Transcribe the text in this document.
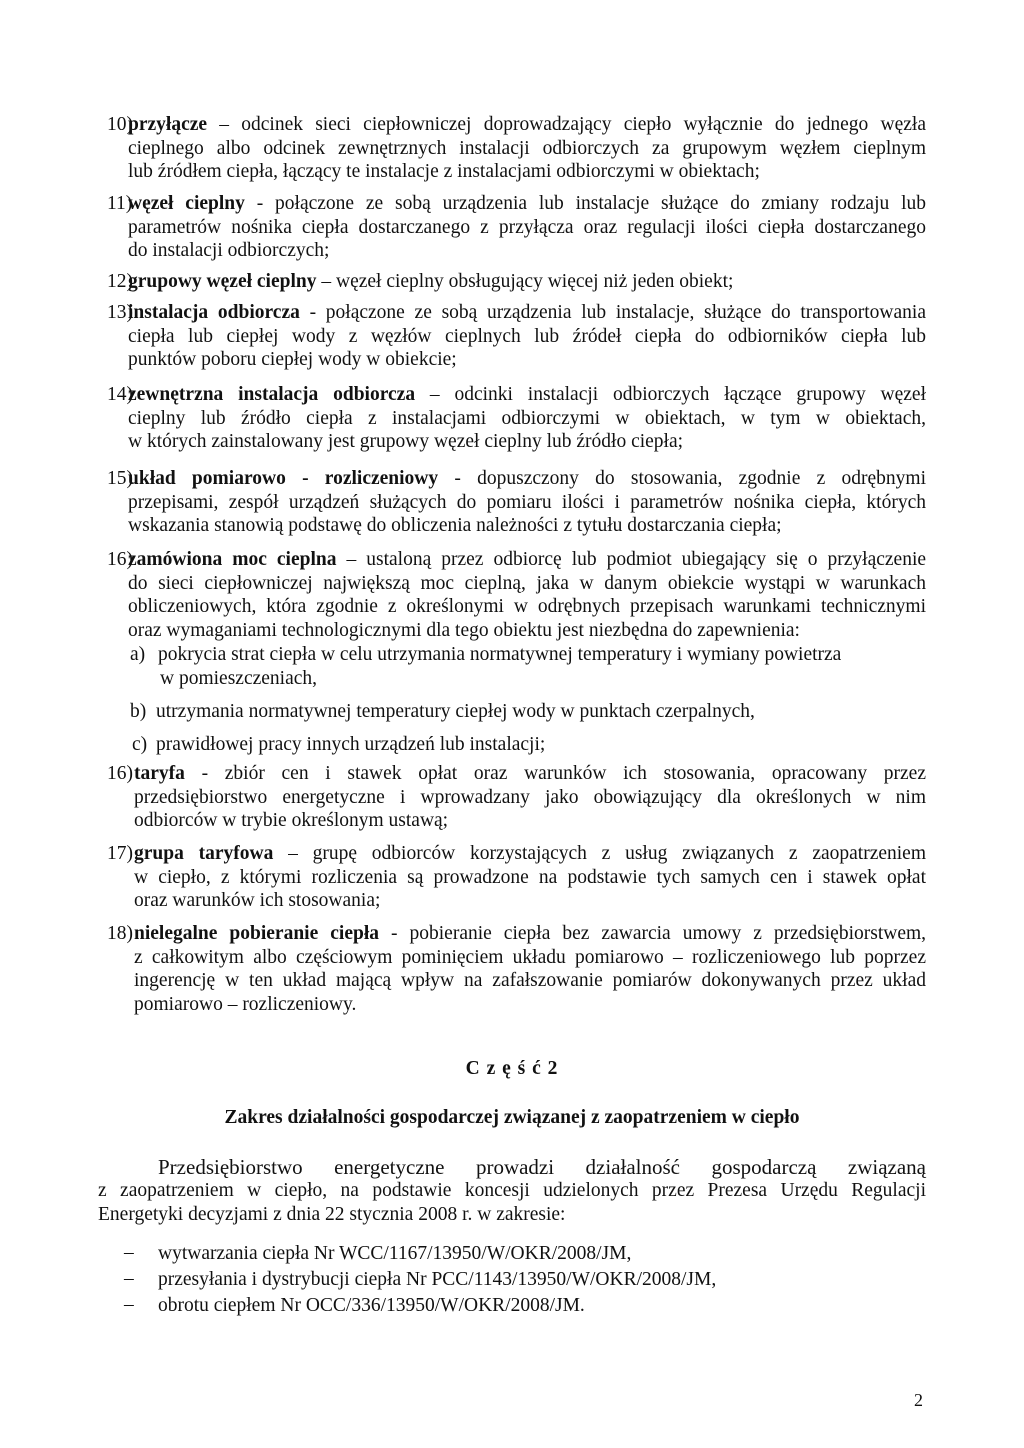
10)
przyłącze – odcinek sieci ciepłowniczej doprowadzający ciepło wyłącznie do jednego węzła
cieplnego albo odcinek zewnętrznych instalacji odbiorczych za grupowym węzłem cieplnym
lub źródłem ciepła, łączący te instalacje z instalacjami odbiorczymi w obiektach;
11)
węzeł cieplny - połączone ze sobą urządzenia lub instalacje służące do zmiany rodzaju lub
parametrów nośnika ciepła dostarczanego z przyłącza oraz regulacji ilości ciepła dostarczanego
do instalacji odbiorczych;
12)
grupowy węzeł cieplny – węzeł cieplny obsługujący więcej niż jeden obiekt;
13)
instalacja odbiorcza - połączone ze sobą urządzenia lub instalacje, służące do transportowania
ciepła lub ciepłej wody z węzłów cieplnych lub źródeł ciepła do odbiorników ciepła lub
punktów poboru ciepłej wody w obiekcie;
14)
zewnętrzna instalacja odbiorcza – odcinki instalacji odbiorczych łączące grupowy węzeł
cieplny lub źródło ciepła z instalacjami odbiorczymi w obiektach, w tym w obiektach,
w których zainstalowany jest grupowy węzeł cieplny lub źródło ciepła;
15)
układ pomiarowo - rozliczeniowy - dopuszczony do stosowania, zgodnie z odrębnymi
przepisami, zespół urządzeń służących do pomiaru ilości i parametrów nośnika ciepła, których
wskazania stanowią podstawę do obliczenia należności z tytułu dostarczania ciepła;
16)
zamówiona moc cieplna – ustaloną przez odbiorcę lub podmiot ubiegający się o przyłączenie
do sieci ciepłowniczej największą moc cieplną, jaka w danym obiekcie wystąpi w warunkach
obliczeniowych, która zgodnie z określonymi w odrębnych przepisach warunkami technicznymi
oraz wymaganiami technologicznymi dla tego obiektu jest niezbędna do zapewnienia:
a) pokrycia strat ciepła w celu utrzymania normatywnej temperatury i wymiany powietrza
w pomieszczeniach,
b) utrzymania normatywnej temperatury ciepłej wody w punktach czerpalnych,
c) prawidłowej pracy innych urządzeń lub instalacji;
16) taryfa - zbiór cen i stawek opłat oraz warunków ich stosowania, opracowany przez
przedsiębiorstwo energetyczne i wprowadzany jako obowiązujący dla określonych w nim
odbiorców w trybie określonym ustawą;
17) grupa taryfowa – grupę odbiorców korzystających z usług związanych z zaopatrzeniem
w ciepło, z którymi rozliczenia są prowadzone na podstawie tych samych cen i stawek opłat
oraz warunków ich stosowania;
18) nielegalne pobieranie ciepła - pobieranie ciepła bez zawarcia umowy z przedsiębiorstwem,
z całkowitym albo częściowym pominięciem układu pomiarowo – rozliczeniowego lub poprzez
ingerencję w ten układ mającą wpływ na zafałszowanie pomiarów dokonywanych przez układ
pomiarowo – rozliczeniowy.
C z ę ś ć 2
Zakres działalności gospodarczej związanej z zaopatrzeniem w ciepło
Przedsiębiorstwo energetyczne prowadzi działalność gospodarczą związaną
z zaopatrzeniem w ciepło, na podstawie koncesji udzielonych przez Prezesa Urzędu Regulacji
Energetyki decyzjami z dnia 22 stycznia 2008 r. w zakresie:
– wytwarzania ciepła Nr WCC/1167/13950/W/OKR/2008/JM,
– przesyłania i dystrybucji ciepła Nr PCC/1143/13950/W/OKR/2008/JM,
– obrotu ciepłem Nr OCC/336/13950/W/OKR/2008/JM.
2
